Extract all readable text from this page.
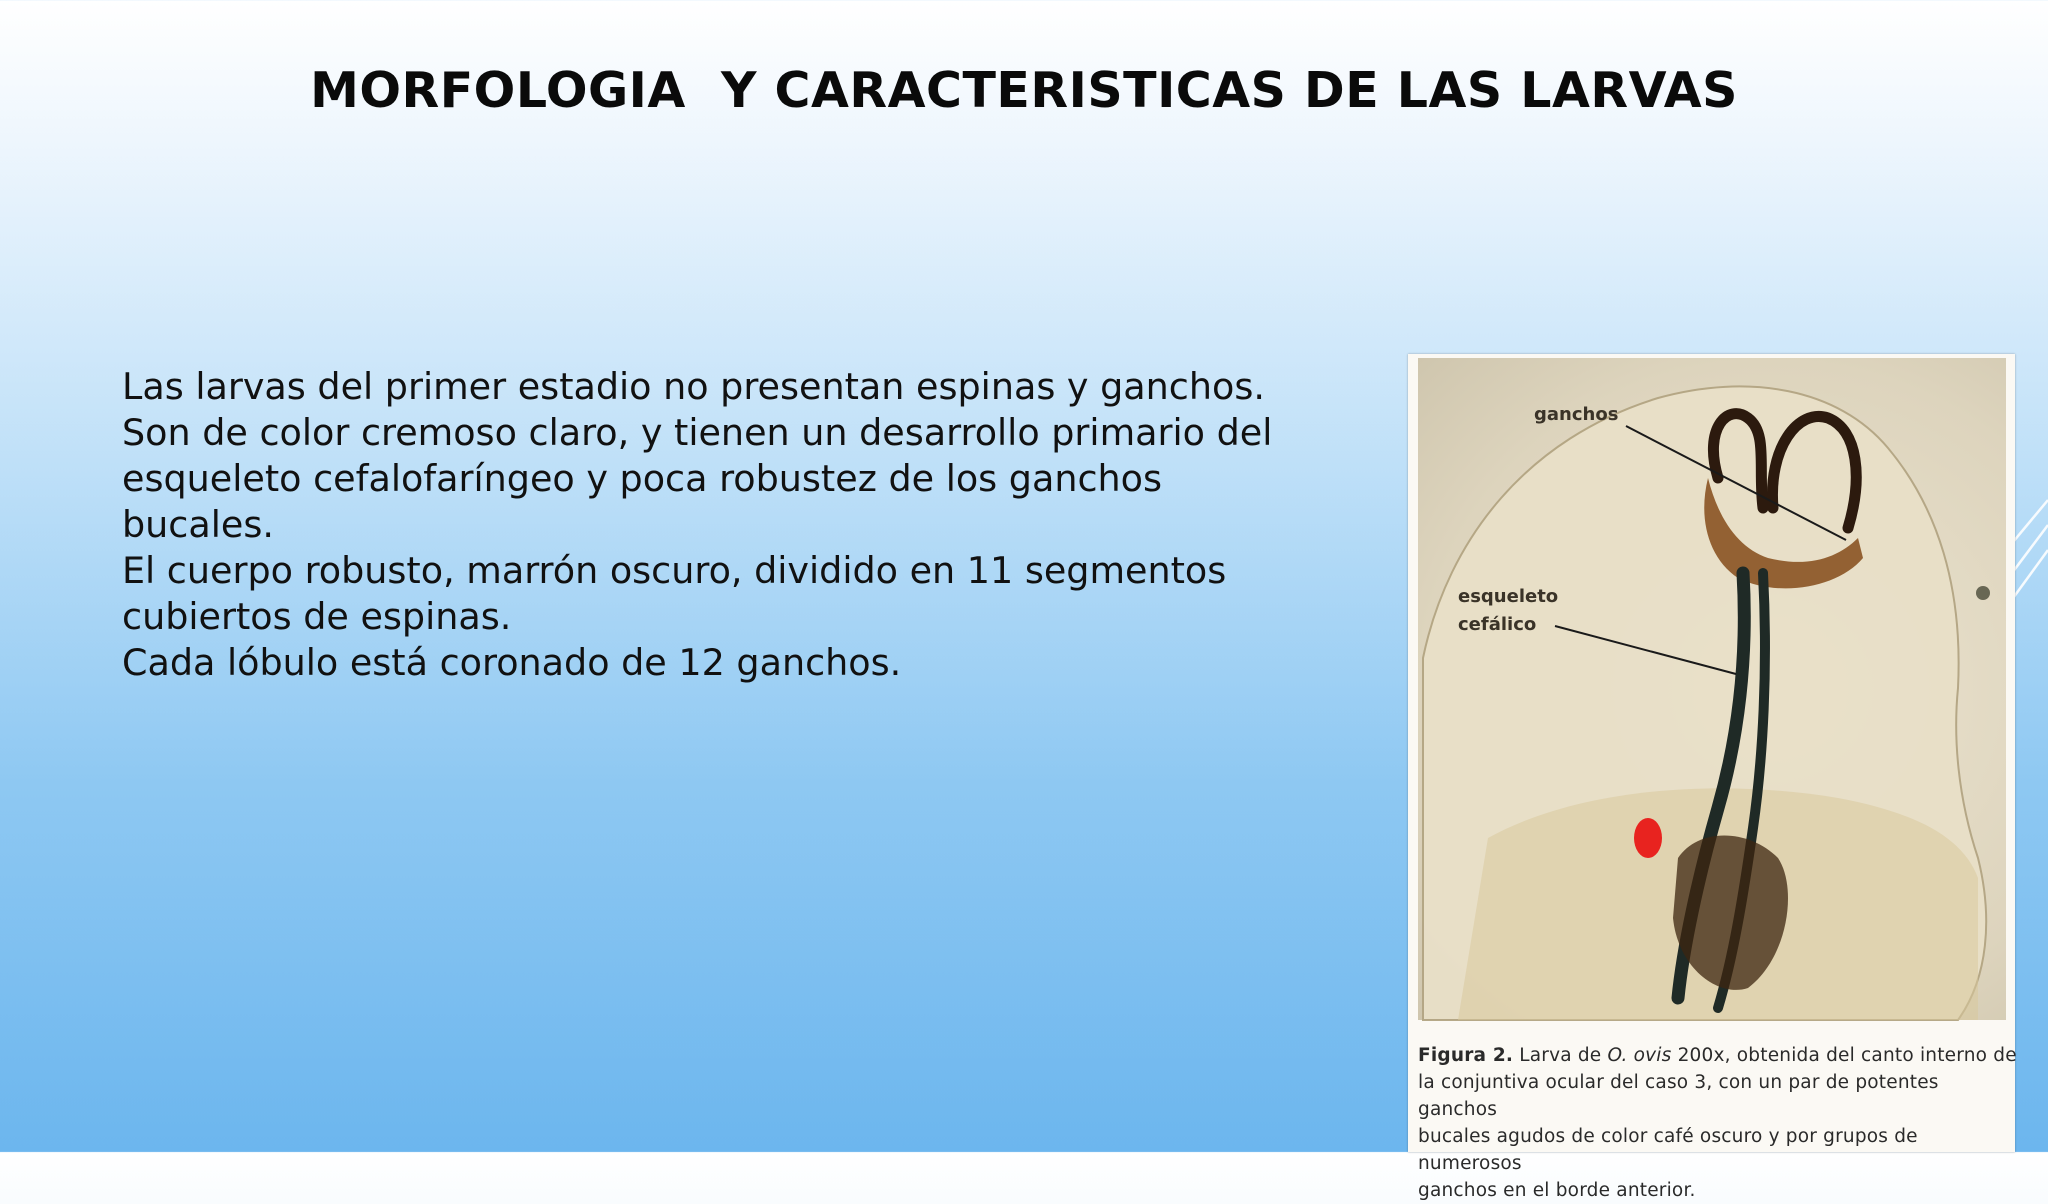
MORFOLOGIA  Y CARACTERISTICAS DE LAS LARVAS

Las larvas del primer estadio no presentan espinas y ganchos.

Son de color cremoso claro, y tienen un desarrollo primario del

esqueleto cefalofaríngeo y poca robustez de los ganchos

bucales.

El cuerpo robusto, marrón oscuro, dividido en 11 segmentos

cubiertos de espinas.

Cada lóbulo está coronado de 12 ganchos.

ganchos
esqueleto
cefálico
Figura 2. Larva de O. ovis 200x, obtenida del canto interno de
la conjuntiva ocular del caso 3, con un par de potentes ganchos
bucales agudos de color café oscuro y por grupos de numerosos
ganchos en el borde anterior.
